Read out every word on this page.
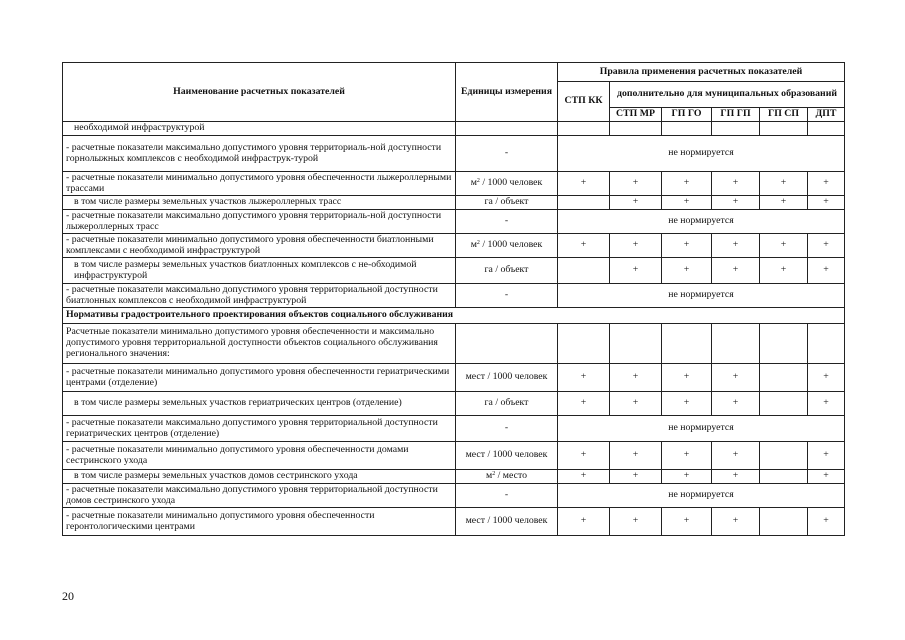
Наименование расчетных показателей	Единицы измерения	Правила применения расчетных показателей					
		СТП КК	дополнительно для муниципальных образований				
			СТП МР	ГП ГО	ГП ГП	ГП СП	ДПТ
необходимой инфраструктурой							
- расчетные показатели максимально допустимого уровня территориаль-ной доступности горнолыжных комплексов с необходимой инфраструк-турой	-	не нормируется					
- расчетные показатели минимально допустимого уровня обеспеченности лыжероллерными трассами	$м^2 / 1000$ человек	+	+	+	+	+	+
в том числе размеры земельных участков лыжероллерных трасс	га / объект		+	+	+	+	+
- расчетные показатели максимально допустимого уровня территориаль-ной доступности лыжероллерных трасс	-	не нормируется					
- расчетные показатели минимально допустимого уровня обеспеченности биатлонными комплексами с необходимой инфраструктурой	$м^2 / 1000$ человек	+	+	+	+	+	+
в том числе размеры земельных участков биатлонных комплексов с не-обходимой инфраструктурой	га / объект		+	+	+	+	+
- расчетные показатели максимально допустимого уровня территориальной доступности биатлонных комплексов с необходимой инфраструктурой	-	не нормируется					
Нормативы градостроительного проектирования объектов социального обслуживания							
Расчетные показатели минимально допустимого уровня обеспеченности и максимально допустимого уровня территориальной доступности объектов социального обслуживания регионального значения:							
- расчетные показатели минимально допустимого уровня обеспеченности гериатрическими центрами (отделение)	мест / 1000 человек	+	+	+	+		+
в том числе размеры земельных участков гериатрических центров (отделение)	га / объект	+	+	+	+		+
- расчетные показатели максимально допустимого уровня территориальной доступности гериатрических центров (отделение)	-	не нормируется					
- расчетные показатели минимально допустимого уровня обеспеченности домами сестринского ухода	мест / 1000 человек	+	+	+	+		+
в том числе размеры земельных участков домов сестринского ухода	$м^2$ / место	+	+	+	+		+
- расчетные показатели максимально допустимого уровня территориальной доступности домов сестринского ухода	-	не нормируется					
- расчетные показатели минимально допустимого уровня обеспеченности геронтологическими центрами	мест / 1000 человек	+	+	+	+		+
20
